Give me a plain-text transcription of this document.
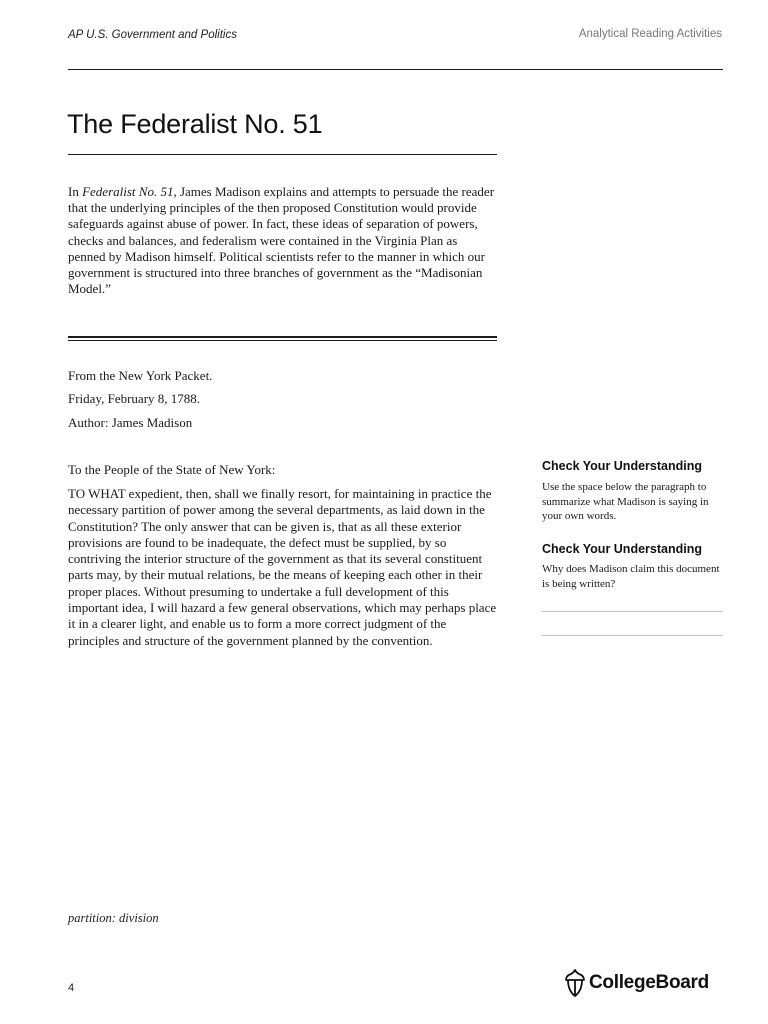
AP U.S. Government and Politics	Analytical Reading Activities
The Federalist No. 51
In Federalist No. 51, James Madison explains and attempts to persuade the reader that the underlying principles of the then proposed Constitution would provide safeguards against abuse of power. In fact, these ideas of separation of powers, checks and balances, and federalism were contained in the Virginia Plan as penned by Madison himself. Political scientists refer to the manner in which our government is structured into three branches of government as the “Madisonian Model.”
From the New York Packet.
Friday, February 8, 1788.
Author: James Madison
To the People of the State of New York:
TO WHAT expedient, then, shall we finally resort, for maintaining in practice the necessary partition of power among the several departments, as laid down in the Constitution? The only answer that can be given is, that as all these exterior provisions are found to be inadequate, the defect must be supplied, by so contriving the interior structure of the government as that its several constituent parts may, by their mutual relations, be the means of keeping each other in their proper places. Without presuming to undertake a full development of this important idea, I will hazard a few general observations, which may perhaps place it in a clearer light, and enable us to form a more correct judgment of the principles and structure of the government planned by the convention.
Check Your Understanding
Use the space below the paragraph to summarize what Madison is saying in your own words.
Check Your Understanding
Why does Madison claim this document is being written?
partition: division
4	CollegeBoard
